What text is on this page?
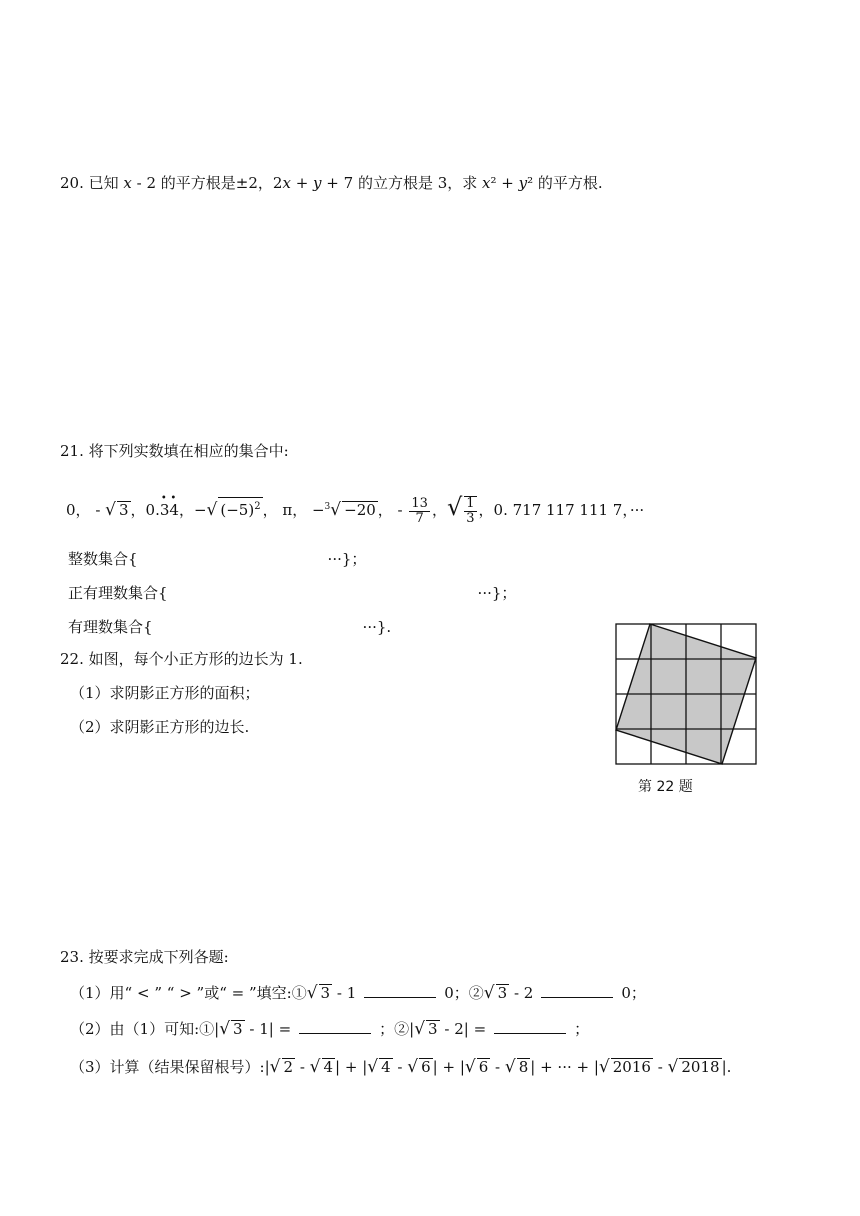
20. 已知 x - 2 的平方根是±2，2x + y + 7 的立方根是 3，求 x² + y² 的平方根.
21. 将下列实数填在相应的集合中:
0， - √ 3 ，0.• 3• 4，−√ $(-5)^2$ ， π， −$^3$√ −20 ， - $\frac{13}{7}$ ，√ $\frac{1}{3}$ ，0. 717 117 111 7，···
整数集合{	···}；
正有理数集合{	···}；
有理数集合{	···}.
22. 如图，每个小正方形的边长为 1.
（1）求阴影正方形的面积；
（2）求阴影正方形的边长.
第 22 题
23. 按要求完成下列各题:
（1）用“ < ” “ > ”或“ = ”填空:①√ 3 - 1	0；②√ 3 - 2	0；
（2）由（1）可知:①|√ 3 - 1| =	；②|√ 3 - 2| =	；
（3）计算（结果保留根号）:|√ 2 - √ 4 | + |√ 4 - √ 6 | + |√ 6 - √ 8 | + ··· + |√ 2016 - √ 2018 |.
